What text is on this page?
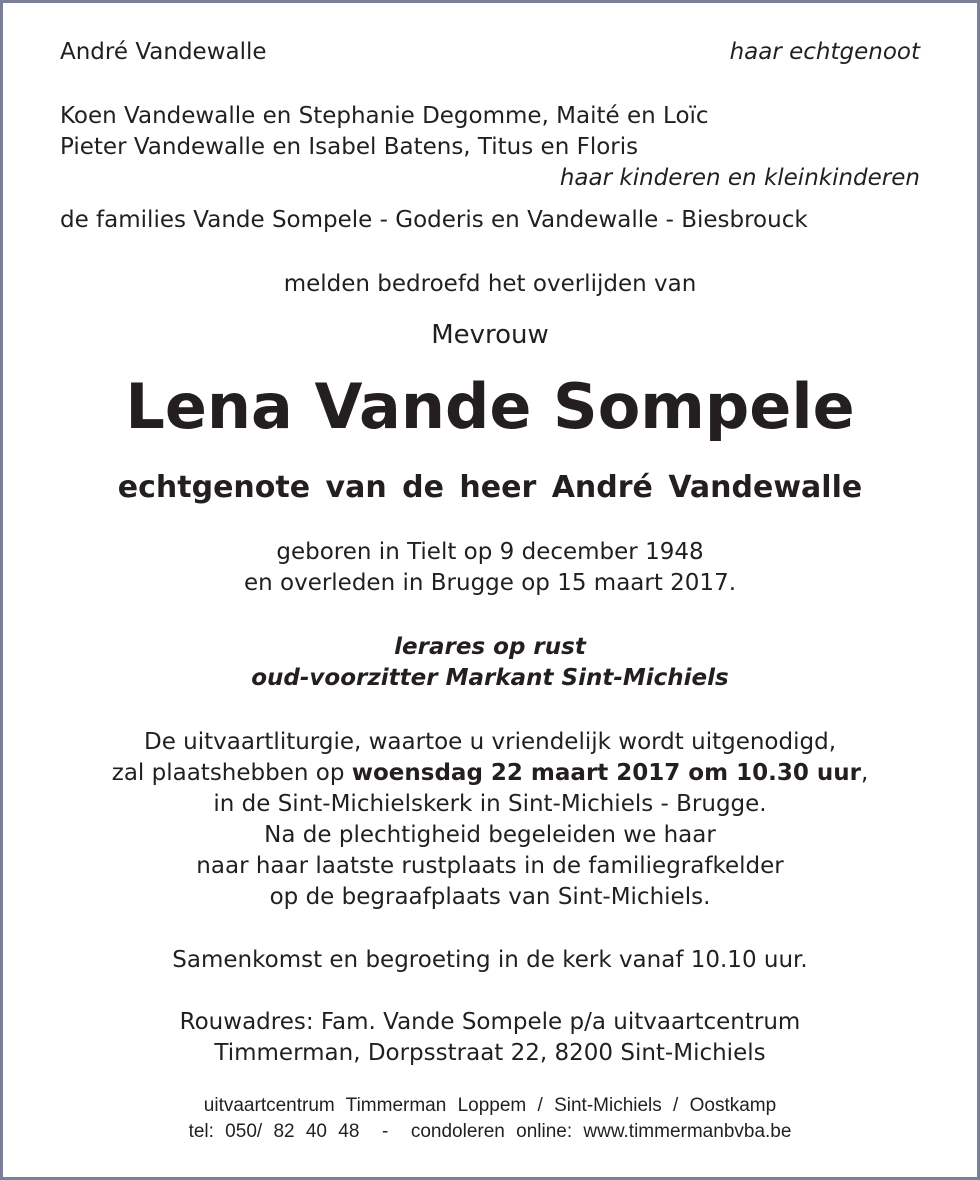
André Vandewalle	haar echtgenoot
Koen Vandewalle en Stephanie Degomme, Maité en Loïc
Pieter Vandewalle en Isabel Batens, Titus en Floris
haar kinderen en kleinkinderen
de families Vande Sompele - Goderis en Vandewalle - Biesbrouck
melden bedroefd het overlijden van
Mevrouw
Lena Vande Sompele
echtgenote van de heer André Vandewalle
geboren in Tielt op 9 december 1948
en overleden in Brugge op 15 maart 2017.
lerares op rust
oud-voorzitter Markant Sint-Michiels
De uitvaartliturgie, waartoe u vriendelijk wordt uitgenodigd,
zal plaatshebben op woensdag 22 maart 2017 om 10.30 uur,
in de Sint-Michielskerk in Sint-Michiels - Brugge.
Na de plechtigheid begeleiden we haar
naar haar laatste rustplaats in de familiegrafkelder
op de begraafplaats van Sint-Michiels.
Samenkomst en begroeting in de kerk vanaf 10.10 uur.
Rouwadres: Fam. Vande Sompele p/a uitvaartcentrum
Timmerman, Dorpsstraat 22, 8200 Sint-Michiels
uitvaartcentrum Timmerman Loppem / Sint-Michiels / Oostkamp
tel: 050/ 82 40 48  -  condoleren online: www.timmermanbvba.be
